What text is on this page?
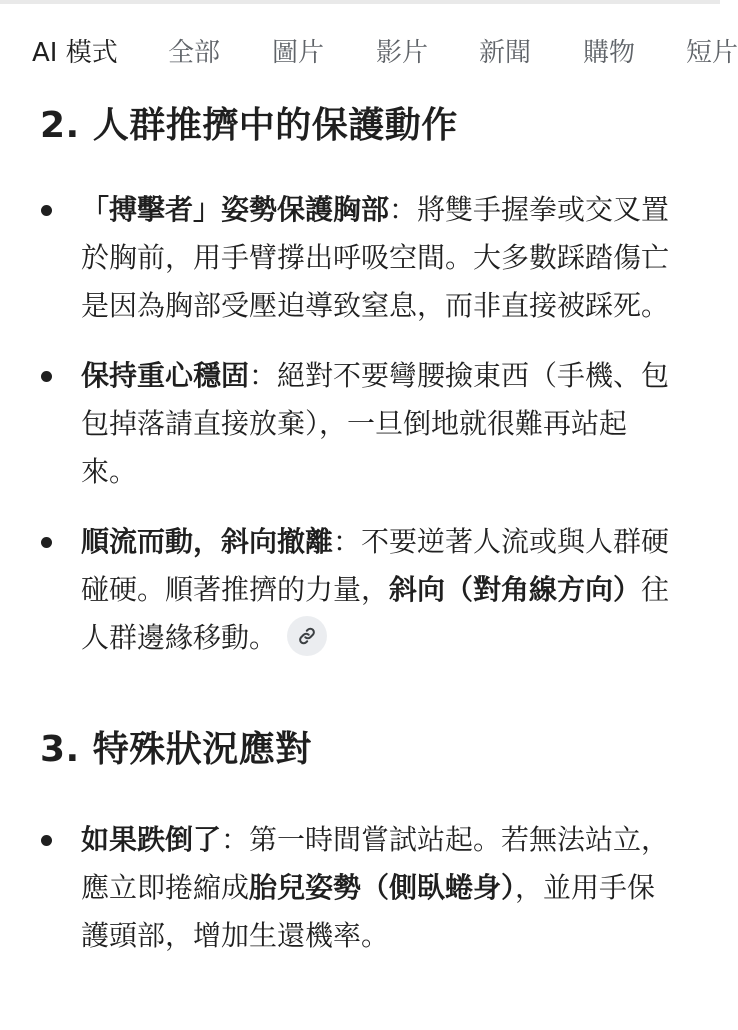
AI 模式 全部 圖片 影片 新聞 購物 短片
2. 人群推擠中的保護動作
「搏擊者」姿勢保護胸部：將雙手握拳或交叉置於胸前，用手臂撐出呼吸空間。大多數踩踏傷亡是因為胸部受壓迫導致窒息，而非直接被踩死。
保持重心穩固：絕對不要彎腰撿東西（手機、包包掉落請直接放棄），一旦倒地就很難再站起來。
順流而動，斜向撤離：不要逆著人流或與人群硬碰硬。順著推擠的力量，斜向（對角線方向）往人群邊緣移動。
3. 特殊狀況應對
如果跌倒了：第一時間嘗試站起。若無法站立，應立即捲縮成胎兒姿勢（側臥蜷身），並用手保護頭部，增加生還機率。
